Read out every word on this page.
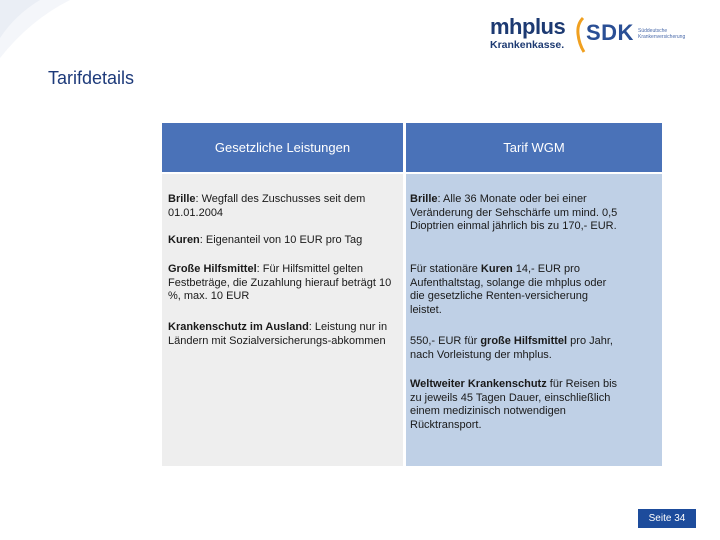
mhplus
Krankenkasse. SDK Süddeutsche Krankenversicherung
Tarifdetails
Gesetzliche Leistungen	Tarif WGM
Brille: Wegfall des Zuschusses seit dem 01.01.2004
Kuren: Eigenanteil von 10 EUR pro Tag
Große Hilfsmittel: Für Hilfsmittel gelten Festbeträge, die Zuzahlung hierauf beträgt 10 %, max. 10 EUR
Krankenschutz im Ausland: Leistung nur in Ländern mit Sozialversicherungs-abkommen
Brille: Alle 36 Monate oder bei einer Veränderung der Sehschärfe um mind. 0,5 Dioptrien einmal jährlich bis zu 170,- EUR.
Für stationäre Kuren 14,- EUR pro Aufenthaltstag, solange die mhplus oder die gesetzliche Renten-versicherung leistet.
550,- EUR für große Hilfsmittel pro Jahr, nach Vorleistung der mhplus.
Weltweiter Krankenschutz für Reisen bis zu jeweils 45 Tagen Dauer, einschließlich einem medizinisch notwendigen Rücktransport.
Seite 34
